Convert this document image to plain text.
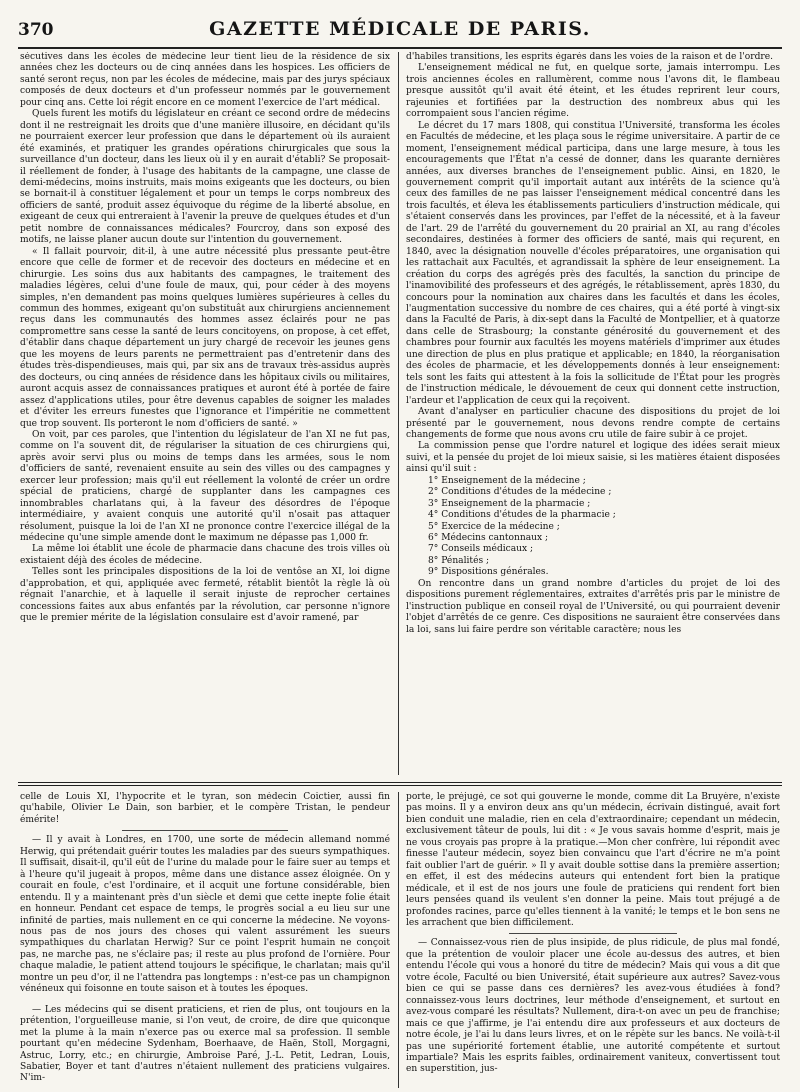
370	GAZETTE MÉDICALE DE PARIS.

sécutives dans les écoles de médecine leur tient lieu de la résidence de six années chez les docteurs ou de cinq années dans les hospices. Les officiers de santé seront reçus, non par les écoles de médecine, mais par des jurys spéciaux composés de deux docteurs et d'un professeur nommés par le gouvernement pour cinq ans. Cette loi régit encore en ce moment l'exercice de l'art médical.

Quels furent les motifs du législateur en créant ce second ordre de médecins dont il ne restreignait les droits que d'une manière illusoire, en décidant qu'ils ne pourraient exercer leur profession que dans le département où ils auraient été examinés, et pratiquer les grandes opérations chirurgicales que sous la surveillance d'un docteur, dans les lieux où il y en aurait d'établi? Se proposait-il réellement de fonder, à l'usage des habitants de la campagne, une classe de demi-médecins, moins instruits, mais moins exigeants que les docteurs, ou bien se bornait-il à constituer légalement et pour un temps le corps nombreux des officiers de santé, produit assez équivoque du régime de la liberté absolue, en exigeant de ceux qui entreraient à l'avenir la preuve de quelques études et d'un petit nombre de connaissances médicales? Fourcroy, dans son exposé des motifs, ne laisse planer aucun doute sur l'intention du gouvernement.

« Il fallait pourvoir, dit-il, à une autre nécessité plus pressante peut-être encore que celle de former et de recevoir des docteurs en médecine et en chirurgie. Les soins dus aux habitants des campagnes, le traitement des maladies légères, celui d'une foule de maux, qui, pour céder à des moyens simples, n'en demandent pas moins quelques lumières supérieures à celles du commun des hommes, exigeant qu'on substituât aux chirurgiens anciennement reçus dans les communautés des hommes assez éclairés pour ne pas compromettre sans cesse la santé de leurs concitoyens, on propose, à cet effet, d'établir dans chaque département un jury chargé de recevoir les jeunes gens que les moyens de leurs parents ne permettraient pas d'entretenir dans des études très-dispendieuses, mais qui, par six ans de travaux très-assidus auprès des docteurs, ou cinq années de résidence dans les hôpitaux civils ou militaires, auront acquis assez de connaissances pratiques et auront été à portée de faire assez d'applications utiles, pour être devenus capables de soigner les malades et d'éviter les erreurs funestes que l'ignorance et l'impéritie ne commettent que trop souvent. Ils porteront le nom d'officiers de santé. »

On voit, par ces paroles, que l'intention du législateur de l'an XI ne fut pas, comme on l'a souvent dit, de régulariser la situation de ces chirurgiens qui, après avoir servi plus ou moins de temps dans les armées, sous le nom d'officiers de santé, revenaient ensuite au sein des villes ou des campagnes y exercer leur profession; mais qu'il eut réellement la volonté de créer un ordre spécial de praticiens, chargé de supplanter dans les campagnes ces innombrables charlatans qui, à la faveur des désordres de l'époque intermédiaire, y avaient conquis une autorité qu'il n'osait pas attaquer résolument, puisque la loi de l'an XI ne prononce contre l'exercice illégal de la médecine qu'une simple amende dont le maximum ne dépasse pas 1,000 fr.

La même loi établit une école de pharmacie dans chacune des trois villes où existaient déjà des écoles de médecine.

Telles sont les principales dispositions de la loi de ventôse an XI, loi digne d'approbation, et qui, appliquée avec fermeté, rétablit bientôt la règle là où régnait l'anarchie, et à laquelle il serait injuste de reprocher certaines concessions faites aux abus enfantés par la révolution, car personne n'ignore que le premier mérite de la législation consulaire est d'avoir ramené, par

d'habiles transitions, les esprits égarés dans les voies de la raison et de l'ordre.

L'enseignement médical ne fut, en quelque sorte, jamais interrompu. Les trois anciennes écoles en rallumèrent, comme nous l'avons dit, le flambeau presque aussitôt qu'il avait été éteint, et les études reprirent leur cours, rajeunies et fortifiées par la destruction des nombreux abus qui les corrompaient sous l'ancien régime.

Le décret du 17 mars 1808, qui constitua l'Université, transforma les écoles en Facultés de médecine, et les plaça sous le régime universitaire. A partir de ce moment, l'enseignement médical participa, dans une large mesure, à tous les encouragements que l'État n'a cessé de donner, dans les quarante dernières années, aux diverses branches de l'enseignement public. Ainsi, en 1820, le gouvernement comprit qu'il importait autant aux intérêts de la science qu'à ceux des familles de ne pas laisser l'enseignement médical concentré dans les trois facultés, et éleva les établissements particuliers d'instruction médicale, qui s'étaient conservés dans les provinces, par l'effet de la nécessité, et à la faveur de l'art. 29 de l'arrêté du gouvernement du 20 prairial an XI, au rang d'écoles secondaires, destinées à former des officiers de santé, mais qui reçurent, en 1840, avec la désignation nouvelle d'écoles préparatoires, une organisation qui les rattachait aux Facultés, et agrandissait la sphère de leur enseignement. La création du corps des agrégés près des facultés, la sanction du principe de l'inamovibilité des professeurs et des agrégés, le rétablissement, après 1830, du concours pour la nomination aux chaires dans les facultés et dans les écoles, l'augmentation successive du nombre de ces chaires, qui a été porté à vingt-six dans la Faculté de Paris, à dix-sept dans la Faculté de Montpellier, et à quatorze dans celle de Strasbourg; la constante générosité du gouvernement et des chambres pour fournir aux facultés les moyens matériels d'imprimer aux études une direction de plus en plus pratique et applicable; en 1840, la réorganisation des écoles de pharmacie, et les développements donnés à leur enseignement: tels sont les faits qui attestent à la fois la sollicitude de l'État pour les progrès de l'instruction médicale, le dévouement de ceux qui donnent cette instruction, l'ardeur et l'application de ceux qui la reçoivent.

Avant d'analyser en particulier chacune des dispositions du projet de loi présenté par le gouvernement, nous devons rendre compte de certains changements de forme que nous avons cru utile de faire subir à ce projet.

La commission pense que l'ordre naturel et logique des idées serait mieux suivi, et la pensée du projet de loi mieux saisie, si les matières étaient disposées ainsi qu'il suit :

1° Enseignement de la médecine ;
2° Conditions d'études de la médecine ;
3° Enseignement de la pharmacie ;
4° Conditions d'études de la pharmacie ;
5° Exercice de la médecine ;
6° Médecins cantonnaux ;
7° Conseils médicaux ;
8° Pénalités ;
9° Dispositions générales.

On rencontre dans un grand nombre d'articles du projet de loi des dispositions purement réglementaires, extraites d'arrêtés pris par le ministre de l'instruction publique en conseil royal de l'Université, ou qui pourraient devenir l'objet d'arrêtés de ce genre. Ces dispositions ne sauraient être conservées dans la loi, sans lui faire perdre son véritable caractère; nous les

celle de Louis XI, l'hypocrite et le tyran, son médecin Coictier, aussi fin qu'habile, Olivier Le Dain, son barbier, et le compère Tristan, le pendeur émérite!

— Il y avait à Londres, en 1700, une sorte de médecin allemand nommé Herwig, qui prétendait guérir toutes les maladies par des sueurs sympathiques. Il suffisait, disait-il, qu'il eût de l'urine du malade pour le faire suer au temps et à l'heure qu'il jugeait à propos, même dans une distance assez éloignée. On y courait en foule, c'est l'ordinaire, et il acquit une fortune considérable, bien entendu. Il y a maintenant près d'un siècle et demi que cette inepte folie était en honneur. Pendant cet espace de temps, le progrès social a eu lieu sur une infinité de parties, mais nullement en ce qui concerne la médecine. Ne voyons-nous pas de nos jours des choses qui valent assurément les sueurs sympathiques du charlatan Herwig? Sur ce point l'esprit humain ne conçoit pas, ne marche pas, ne s'éclaire pas; il reste au plus profond de l'ornière. Pour chaque maladie, le patient attend toujours le spécifique, le charlatan; mais qu'il montre un peu d'or, il ne l'attendra pas longtemps : n'est-ce pas un champignon vénéneux qui foisonne en toute saison et à toutes les époques.

— Les médecins qui se disent praticiens, et rien de plus, ont toujours en la prétention, l'orgueilleuse manie, si l'on veut, de croire, de dire que quiconque met la plume à la main n'exerce pas ou exerce mal sa profession. Il semble pourtant qu'en médecine Sydenham, Boerhaave, de Haën, Stoll, Morgagni, Astruc, Lorry, etc.; en chirurgie, Ambroise Paré, J.-L. Petit, Ledran, Louis, Sabatier, Boyer et tant d'autres n'étaient nullement des praticiens vulgaires. N'im-

porte, le préjugé, ce sot qui gouverne le monde, comme dit La Bruyère, n'existe pas moins. Il y a environ deux ans qu'un médecin, écrivain distingué, avait fort bien conduit une maladie, rien en cela d'extraordinaire; cependant un médecin, exclusivement tâteur de pouls, lui dit : « Je vous savais homme d'esprit, mais je ne vous croyais pas propre à la pratique.—Mon cher confrère, lui répondit avec finesse l'auteur médecin, soyez bien convaincu que l'art d'écrire ne m'a point fait oublier l'art de guérir. » Il y avait double sottise dans la première assertion; en effet, il est des médecins auteurs qui entendent fort bien la pratique médicale, et il est de nos jours une foule de praticiens qui rendent fort bien leurs pensées quand ils veulent s'en donner la peine. Mais tout préjugé a de profondes racines, parce qu'elles tiennent à la vanité; le temps et le bon sens ne les arrachent que bien difficilement.

— Connaissez-vous rien de plus insipide, de plus ridicule, de plus mal fondé, que la prétention de vouloir placer une école au-dessus des autres, et bien entendu l'école qui vous a honoré du titre de médecin? Mais qui vous a dit que votre école, Faculté ou bien Université, était supérieure aux autres? Savez-vous bien ce qui se passe dans ces dernières? les avez-vous étudiées à fond? connaissez-vous leurs doctrines, leur méthode d'enseignement, et surtout en avez-vous comparé les résultats? Nullement, dira-t-on avec un peu de franchise; mais ce que j'affirme, je l'ai entendu dire aux professeurs et aux docteurs de notre école, je l'ai lu dans leurs livres, et on le répète sur les bancs. Ne voilà-t-il pas une supériorité fortement établie, une autorité compétente et surtout impartiale? Mais les esprits faibles, ordinairement vaniteux, convertissent tout en superstition, jus-
